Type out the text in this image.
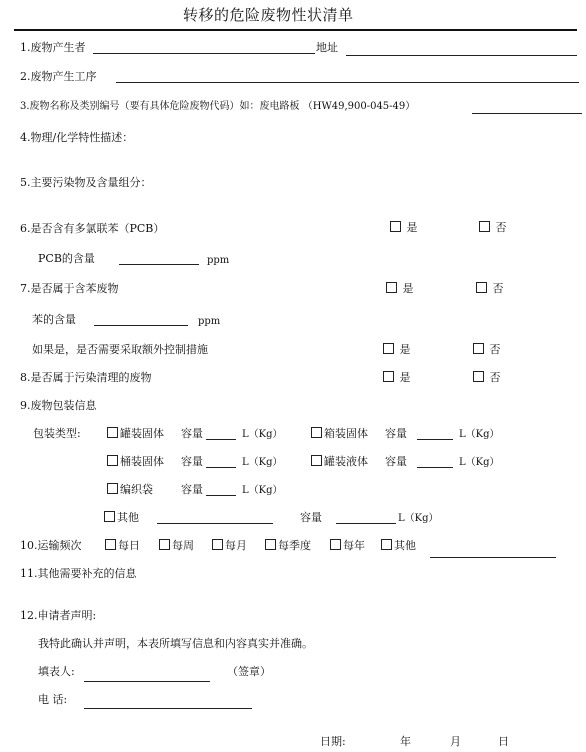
转移的危险废物性状清单
1.废物产生者	地址
2.废物产生工序
3.废物名称及类别编号（要有具体危险废物代码）如：废电路板 （HW49,900-045-49）
4.物理/化学特性描述：
5.主要污染物及含量组分：
6.是否含有多氯联苯（PCB）	是	否
PCB的含量	ppm
7.是否属于含苯废物	是	否
苯的含量	ppm
如果是，是否需要采取额外控制措施	是	否
8.是否属于污染清理的废物	是	否
9.废物包装信息
包装类型:	罐装固体 容量	L（Kg）	箱装固体 容量	L（Kg）
桶装固体 容量	L（Kg）	罐装液体 容量	L（Kg）
编织袋	容量	L（Kg）
其他	容量	L（Kg）
10.运输频次	每日	每周	每月	每季度	每年	其他
11.其他需要补充的信息
12.申请者声明:
我特此确认并声明，本表所填写信息和内容真实并准确。
填表人:	（签章）
电 话:
日期:	年	月	日
